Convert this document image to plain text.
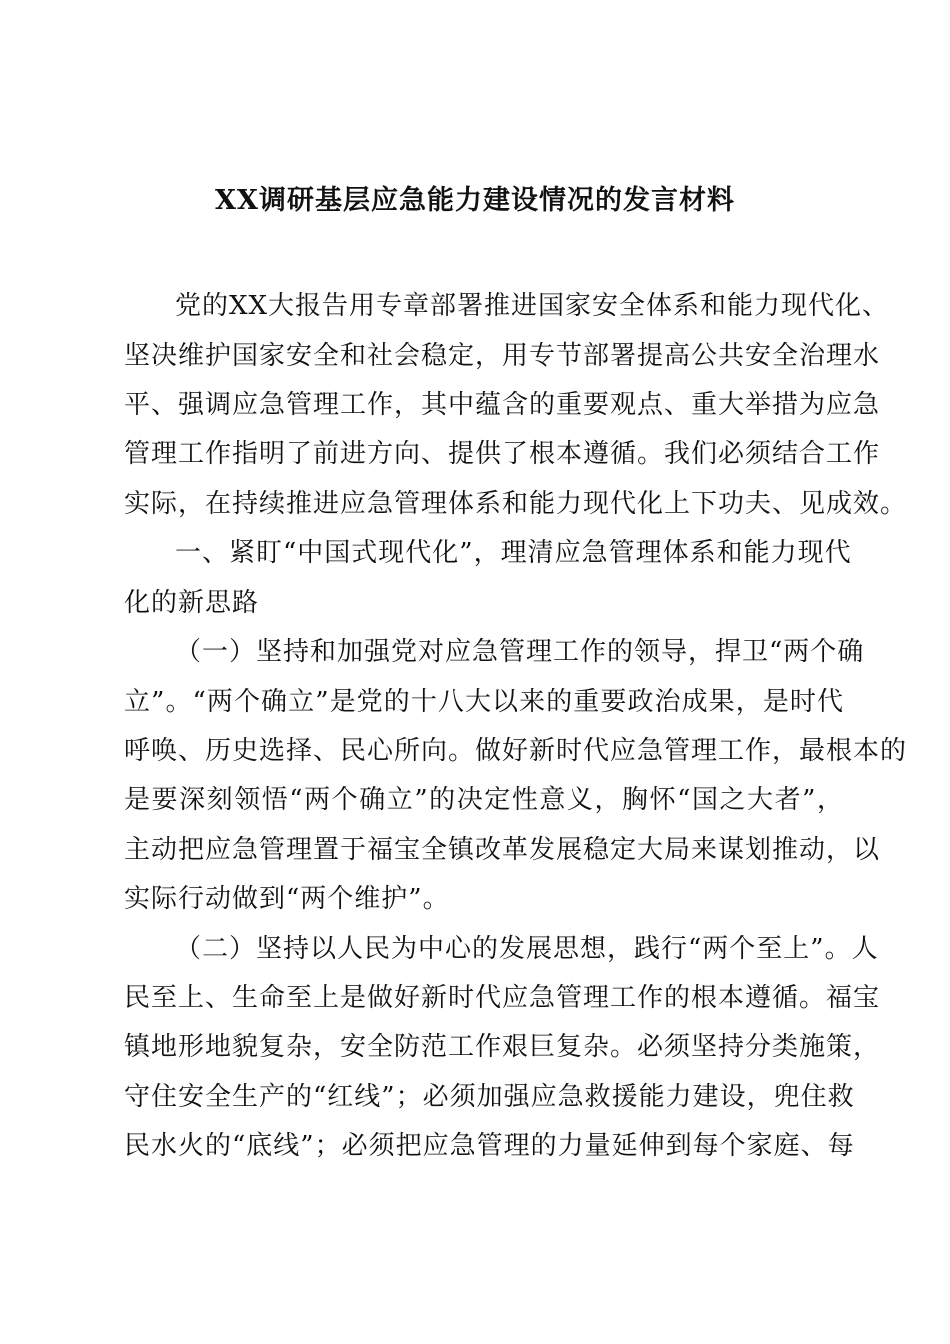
XX调研基层应急能力建设情况的发言材料
党的XX大报告用专章部署推进国家安全体系和能力现代化、
坚决维护国家安全和社会稳定，用专节部署提高公共安全治理水
平、强调应急管理工作，其中蕴含的重要观点、重大举措为应急
管理工作指明了前进方向、提供了根本遵循。我们必须结合工作
实际，在持续推进应急管理体系和能力现代化上下功夫、见成效。
一、紧盯“中国式现代化”，理清应急管理体系和能力现代
化的新思路
（一）坚持和加强党对应急管理工作的领导，捍卫“两个确
立”。“两个确立”是党的十八大以来的重要政治成果，是时代
呼唤、历史选择、民心所向。做好新时代应急管理工作，最根本的
是要深刻领悟“两个确立”的决定性意义，胸怀“国之大者”，
主动把应急管理置于福宝全镇改革发展稳定大局来谋划推动，以
实际行动做到“两个维护”。
（二）坚持以人民为中心的发展思想，践行“两个至上”。人
民至上、生命至上是做好新时代应急管理工作的根本遵循。福宝
镇地形地貌复杂，安全防范工作艰巨复杂。必须坚持分类施策，
守住安全生产的“红线”；必须加强应急救援能力建设，兜住救
民水火的“底线”；必须把应急管理的力量延伸到每个家庭、每
